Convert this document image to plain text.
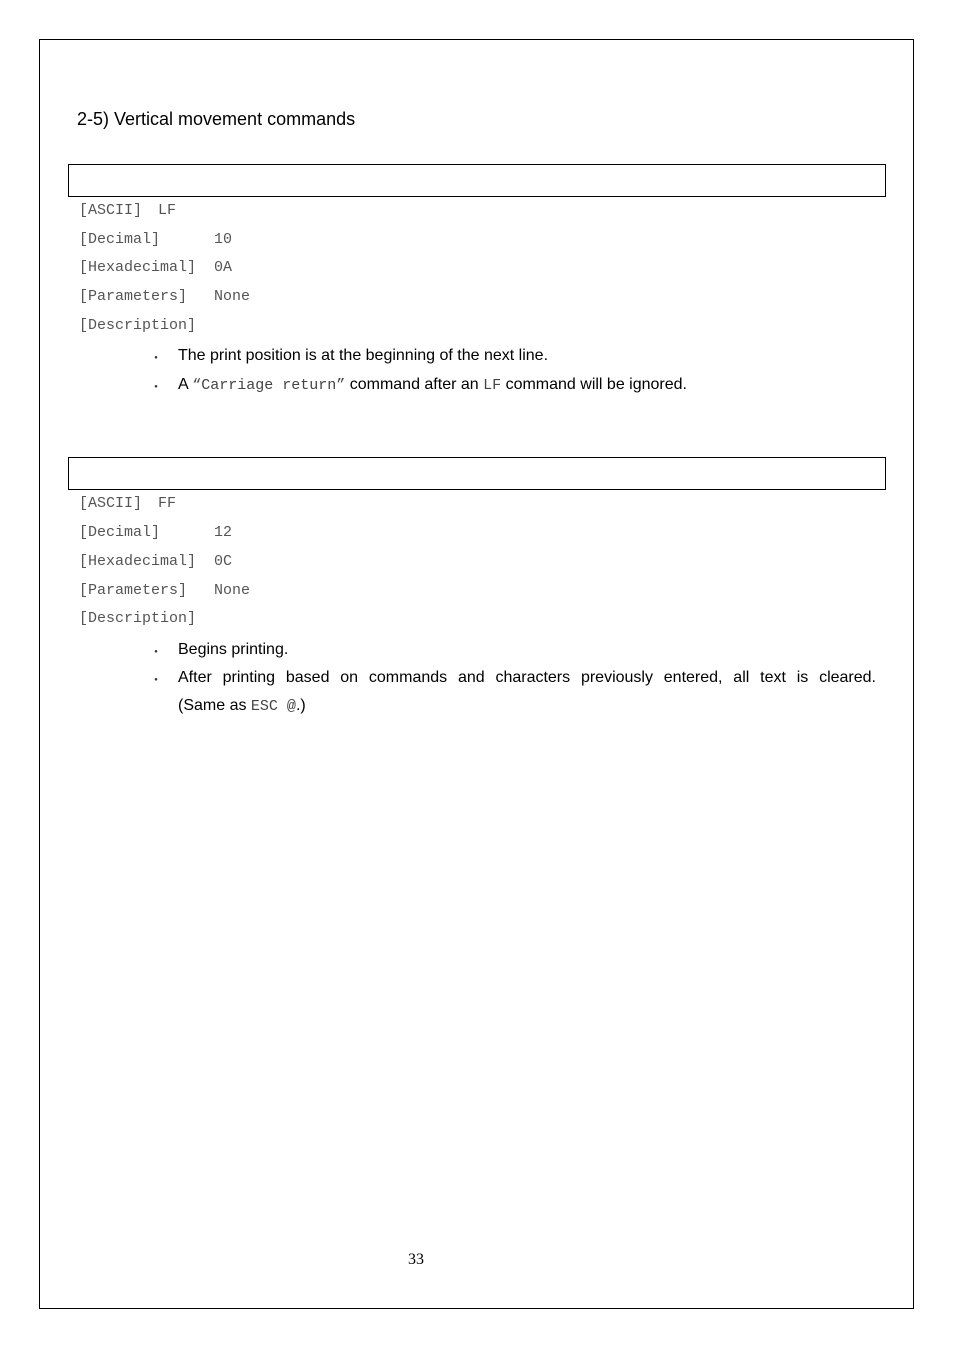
2-5) Vertical movement commands
[ASCII] LF
[Decimal]	10
[Hexadecimal] 0A
[Parameters] None
[Description]
・ The print position is at the beginning of the next line.
・ A “Carriage return” command after an LF command will be ignored.
[ASCII] FF
[Decimal]	12
[Hexadecimal] 0C
[Parameters] None
[Description]
・ Begins printing.
・ After printing based on commands and characters previously entered, all text is cleared.
(Same as ESC @.)
33
